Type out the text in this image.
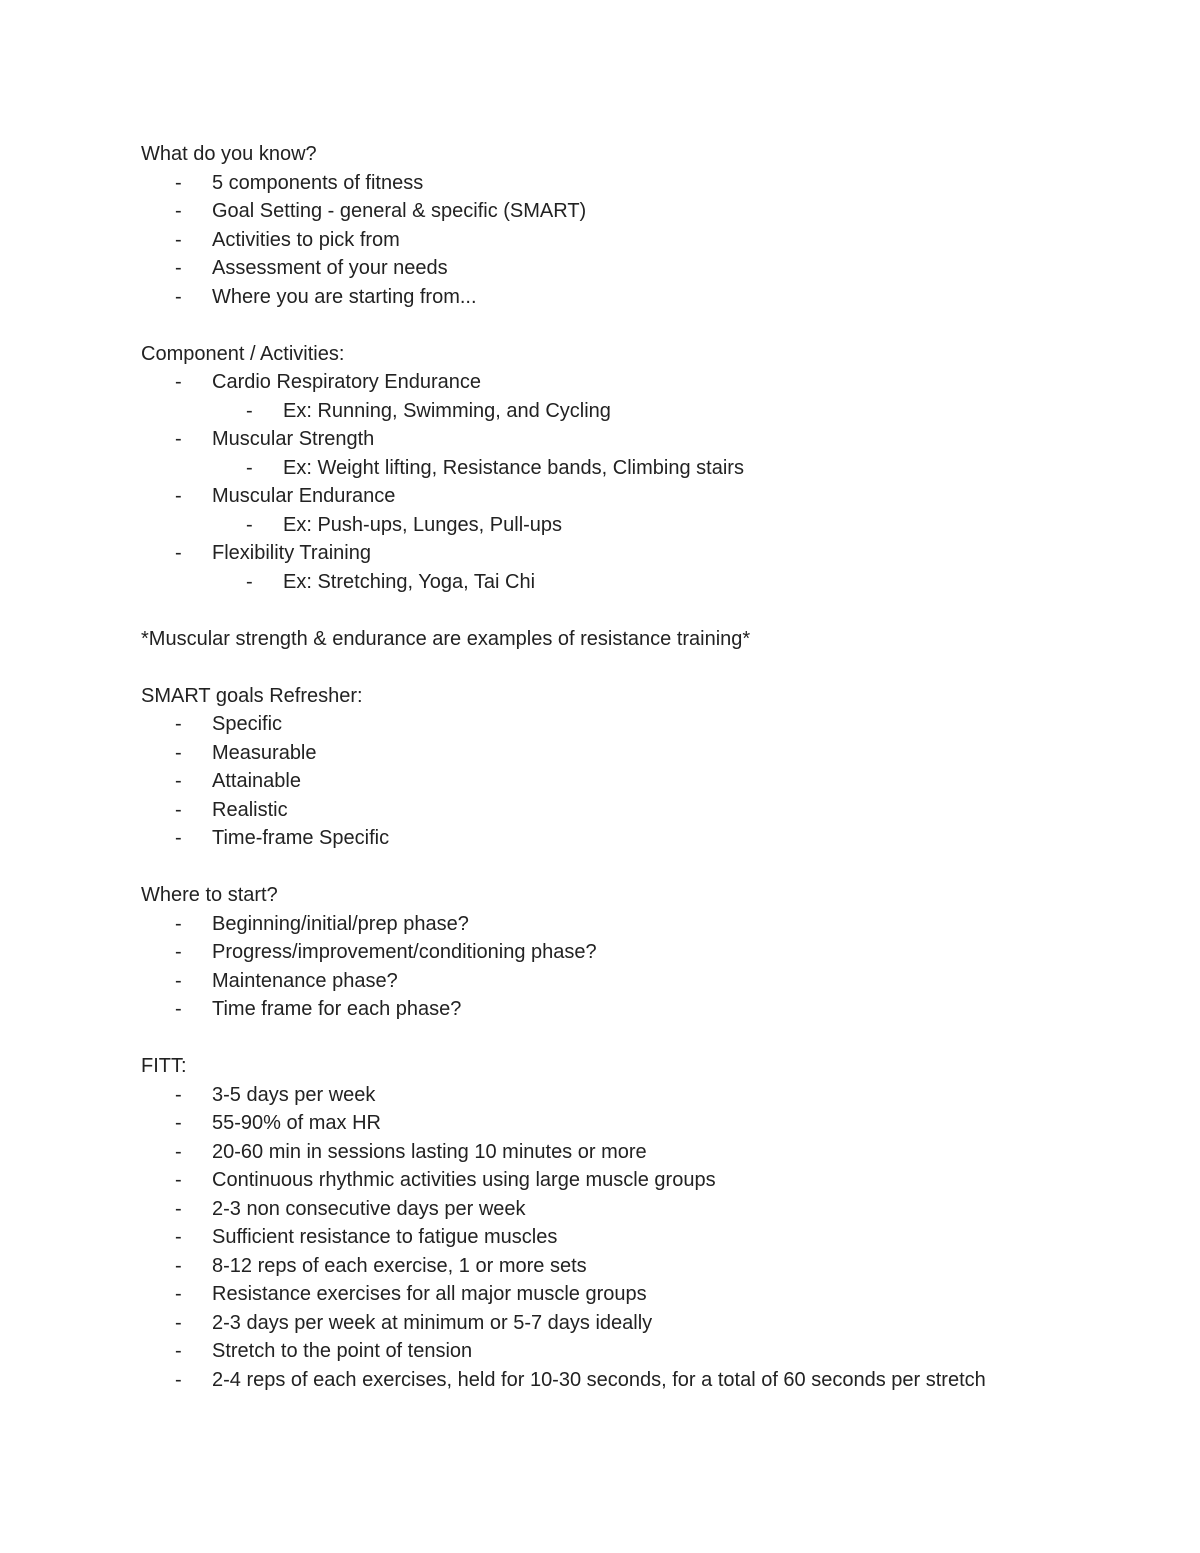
What do you know?
- 5 components of fitness
- Goal Setting - general & specific (SMART)
- Activities to pick from
- Assessment of your needs
- Where you are starting from...
Component / Activities:
- Cardio Respiratory Endurance
- Ex: Running, Swimming, and Cycling
- Muscular Strength
- Ex: Weight lifting, Resistance bands, Climbing stairs
- Muscular Endurance
- Ex: Push-ups, Lunges, Pull-ups
- Flexibility Training
- Ex: Stretching, Yoga, Tai Chi
*Muscular strength & endurance are examples of resistance training*
SMART goals Refresher:
- Specific
- Measurable
- Attainable
- Realistic
- Time-frame Specific
Where to start?
- Beginning/initial/prep phase?
- Progress/improvement/conditioning phase?
- Maintenance phase?
- Time frame for each phase?
FITT:
- 3-5 days per week
- 55-90% of max HR
- 20-60 min in sessions lasting 10 minutes or more
- Continuous rhythmic activities using large muscle groups
- 2-3 non consecutive days per week
- Sufficient resistance to fatigue muscles
- 8-12 reps of each exercise, 1 or more sets
- Resistance exercises for all major muscle groups
- 2-3 days per week at minimum or 5-7 days ideally
- Stretch to the point of tension
- 2-4 reps of each exercises, held for 10-30 seconds, for a total of 60 seconds per stretch
